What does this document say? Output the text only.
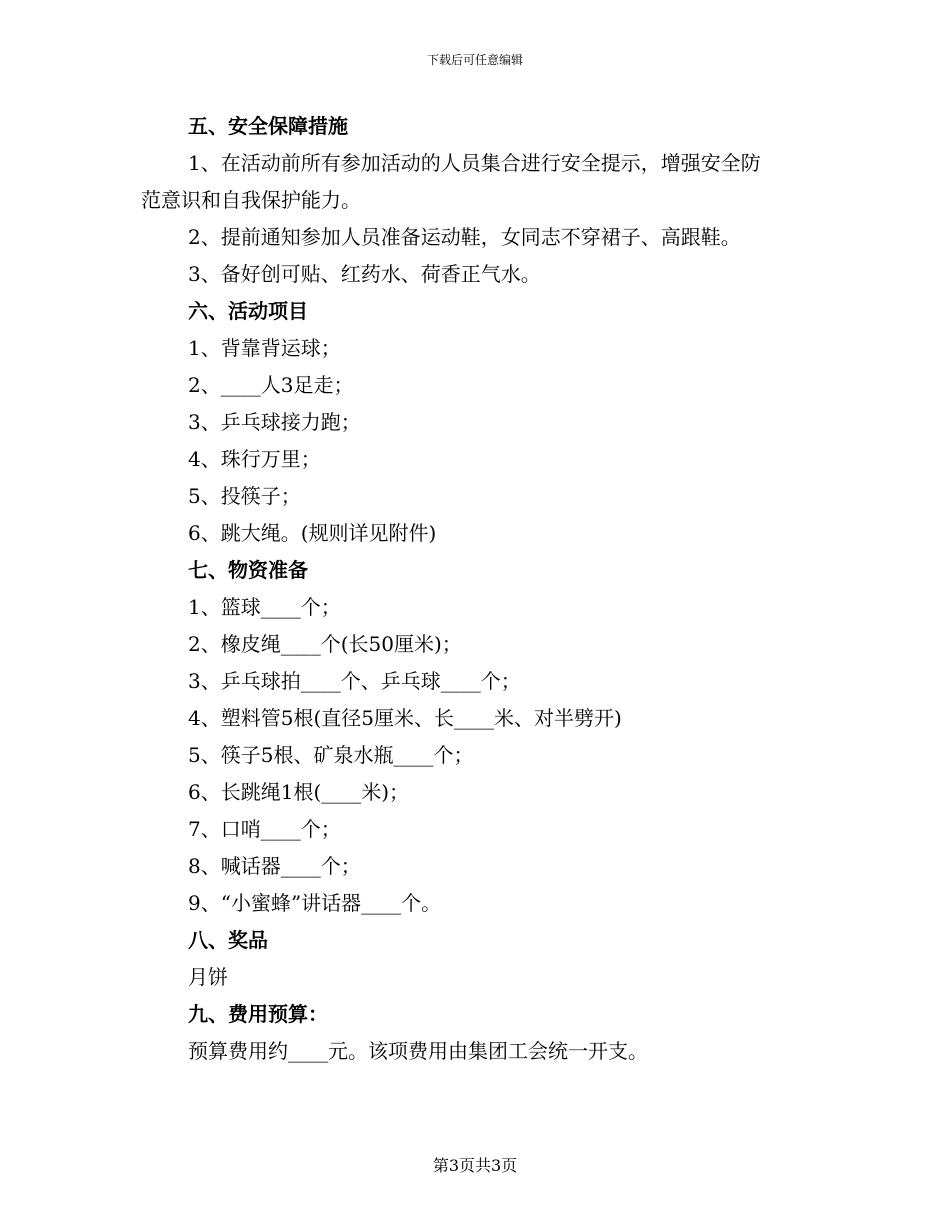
下载后可任意编辑
五、安全保障措施
1、在活动前所有参加活动的人员集合进行安全提示，增强安全防
范意识和自我保护能力。
2、提前通知参加人员准备运动鞋，女同志不穿裙子、高跟鞋。
3、备好创可贴、红药水、荷香正气水。
六、活动项目
1、背靠背运球；
2、____人3足走；
3、乒乓球接力跑；
4、珠行万里；
5、投筷子；
6、跳大绳。(规则详见附件)
七、物资准备
1、篮球____个；
2、橡皮绳____个(长50厘米)；
3、乒乓球拍____个、乒乓球____个；
4、塑料管5根(直径5厘米、长____米、对半劈开)
5、筷子5根、矿泉水瓶____个；
6、长跳绳1根(____米)；
7、口哨____个；
8、喊话器____个；
9、“小蜜蜂”讲话器____个。
八、奖品
月饼
九、费用预算：
预算费用约____元。该项费用由集团工会统一开支。
第3页共3页
